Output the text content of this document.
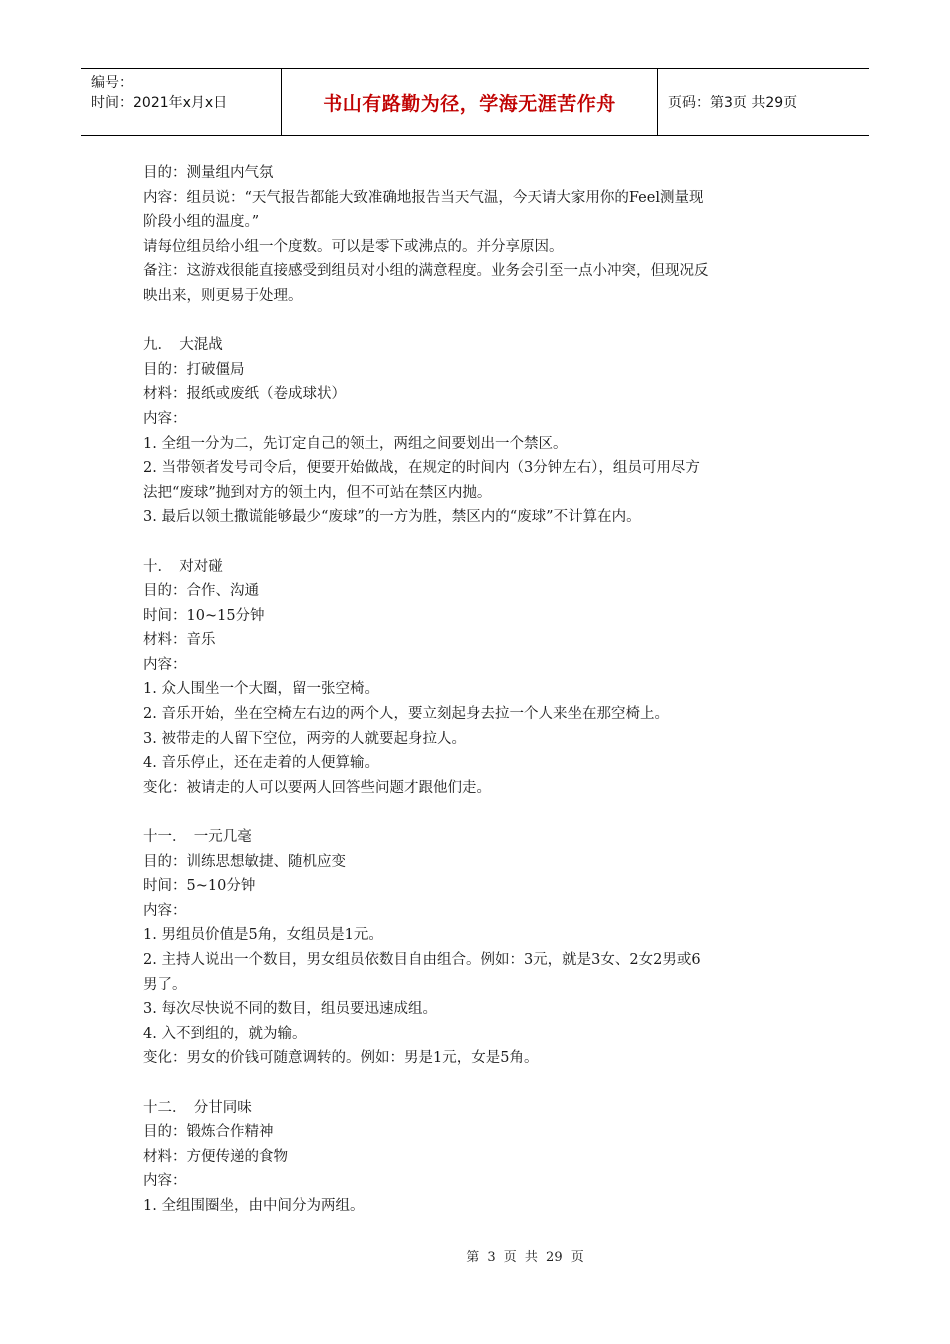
编号：
时间：2021年x月x日	书山有路勤为径，学海无涯苦作舟	页码：第3页 共29页
目的：测量组内气氛
内容：组员说：“天气报告都能大致准确地报告当天气温，今天请大家用你的Feel测量现
阶段小组的温度。”
请每位组员给小组一个度数。可以是零下或沸点的。并分享原因。
备注：这游戏很能直接感受到组员对小组的满意程度。业务会引至一点小冲突，但现况反
映出来，则更易于处理。
九．　大混战
目的：打破僵局
材料：报纸或废纸（卷成球状）
内容：
1. 全组一分为二，先订定自己的领土，两组之间要划出一个禁区。
2. 当带领者发号司令后，便要开始做战，在规定的时间内（3分钟左右），组员可用尽方
法把“废球”抛到对方的领土内，但不可站在禁区内抛。
3. 最后以领土撒谎能够最少“废球”的一方为胜，禁区内的“废球”不计算在内。
十．　对对碰
目的：合作、沟通
时间：10~15分钟
材料：音乐
内容：
1. 众人围坐一个大圈，留一张空椅。
2. 音乐开始，坐在空椅左右边的两个人，要立刻起身去拉一个人来坐在那空椅上。
3. 被带走的人留下空位，两旁的人就要起身拉人。
4. 音乐停止，还在走着的人便算输。
变化：被请走的人可以要两人回答些问题才跟他们走。
十一．　一元几毫
目的：训练思想敏捷、随机应变
时间：5~10分钟
内容：
1. 男组员价值是5角，女组员是1元。
2. 主持人说出一个数目，男女组员依数目自由组合。例如：3元，就是3女、2女2男或6
男了。
3. 每次尽快说不同的数目，组员要迅速成组。
4. 入不到组的，就为输。
变化：男女的价钱可随意调转的。例如：男是1元，女是5角。
十二．　分甘同味
目的：锻炼合作精神
材料：方便传递的食物
内容：
1. 全组围圈坐，由中间分为两组。
第 3 页 共 29 页
